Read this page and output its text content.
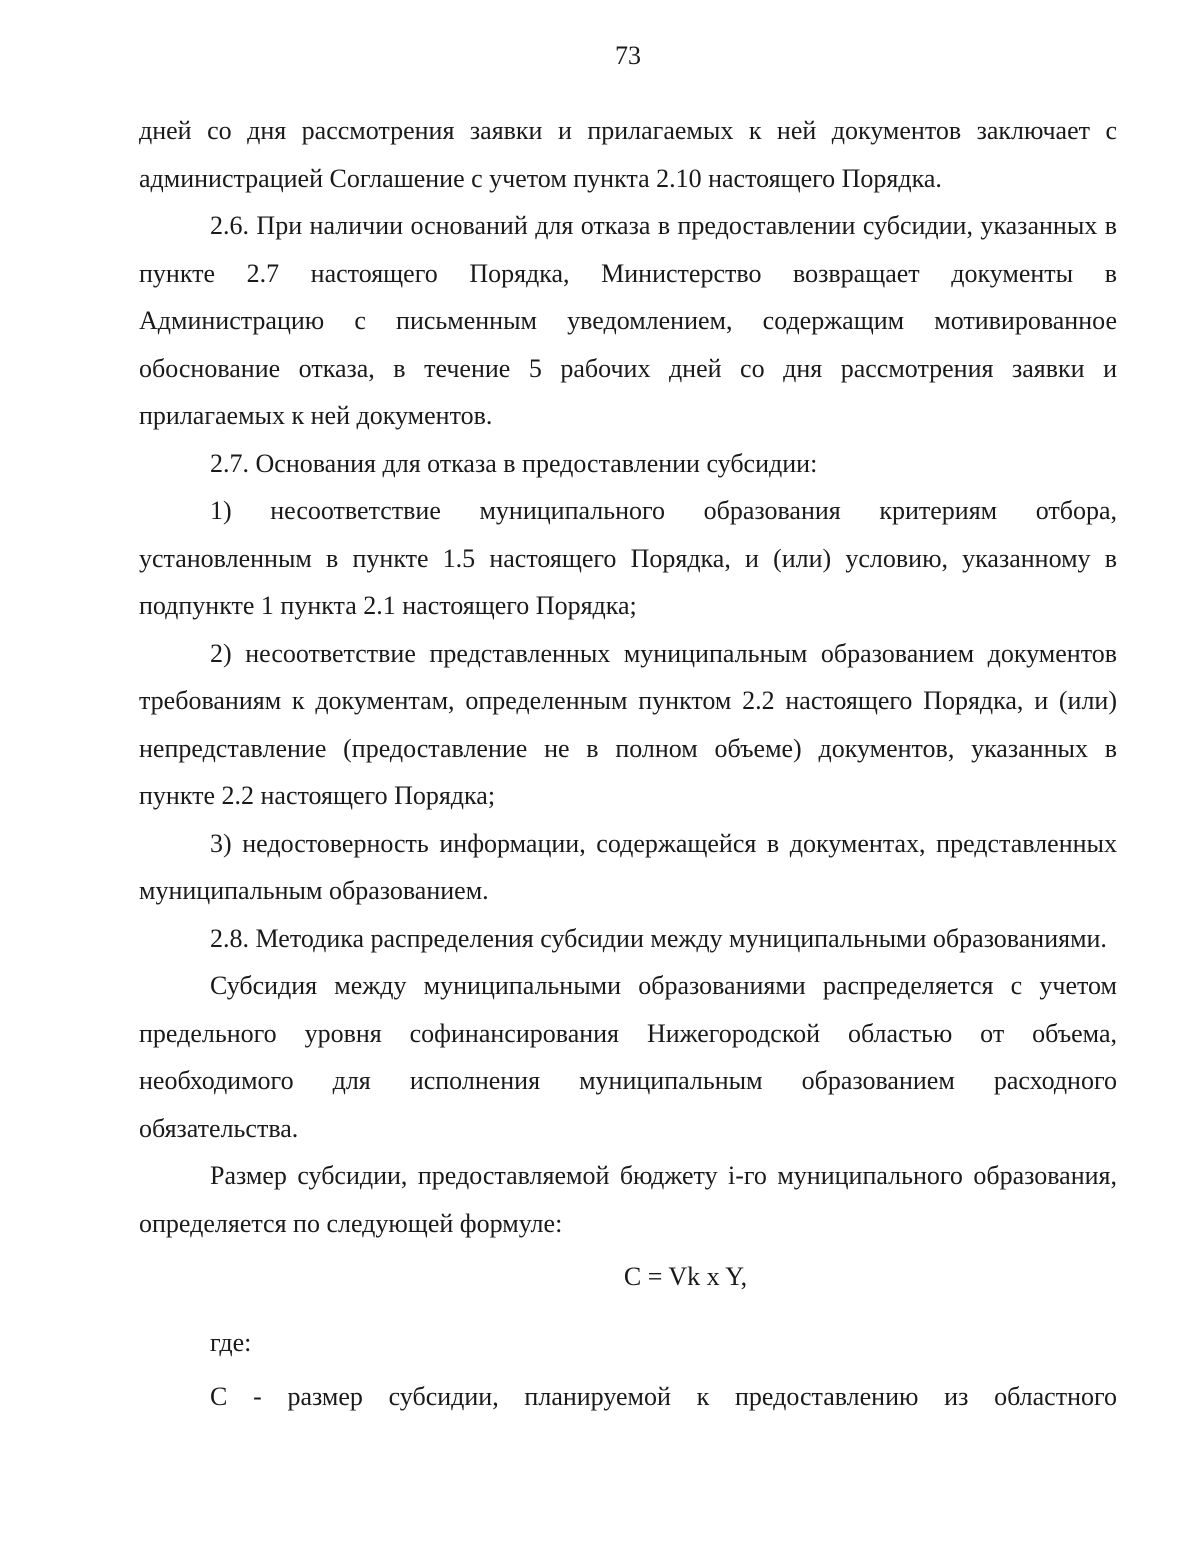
73

дней со дня рассмотрения заявки и прилагаемых к ней документов заключает с администрацией Соглашение с учетом пункта 2.10 настоящего Порядка.

2.6. При наличии оснований для отказа в предоставлении субсидии, указанных в пункте 2.7 настоящего Порядка, Министерство возвращает документы в Администрацию с письменным уведомлением, содержащим мотивированное обоснование отказа, в течение 5 рабочих дней со дня рассмотрения заявки и прилагаемых к ней документов.

2.7. Основания для отказа в предоставлении субсидии:

1) несоответствие муниципального образования критериям отбора, установленным в пункте 1.5 настоящего Порядка, и (или) условию, указанному в подпункте 1 пункта 2.1 настоящего Порядка;

2) несоответствие представленных муниципальным образованием документов требованиям к документам, определенным пунктом 2.2 настоящего Порядка, и (или) непредставление (предоставление не в полном объеме) документов, указанных в пункте 2.2 настоящего Порядка;

3) недостоверность информации, содержащейся в документах, представленных муниципальным образованием.

2.8. Методика распределения субсидии между муниципальными образованиями.

Субсидия между муниципальными образованиями распределяется с учетом предельного уровня софинансирования Нижегородской областью от объема, необходимого для исполнения муниципальным образованием расходного обязательства.

Размер субсидии, предоставляемой бюджету i-го муниципального образования, определяется по следующей формуле:

C = Vk x Y,

где:

C - размер субсидии, планируемой к предоставлению из областного
